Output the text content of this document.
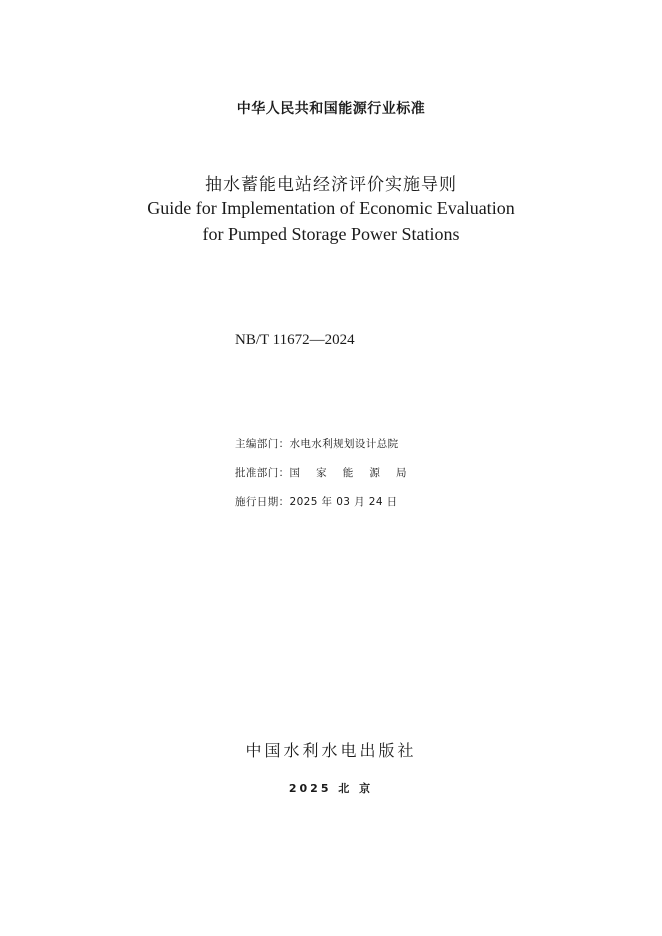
中华人民共和国能源行业标准
抽水蓄能电站经济评价实施导则
Guide for Implementation of Economic Evaluation
for Pumped Storage Power Stations
NB/T 11672—2024
主编部门：水电水利规划设计总院
批准部门：国 家 能 源 局
施行日期：2025 年 03 月 24 日
中国水利水电出版社
2025 北 京
